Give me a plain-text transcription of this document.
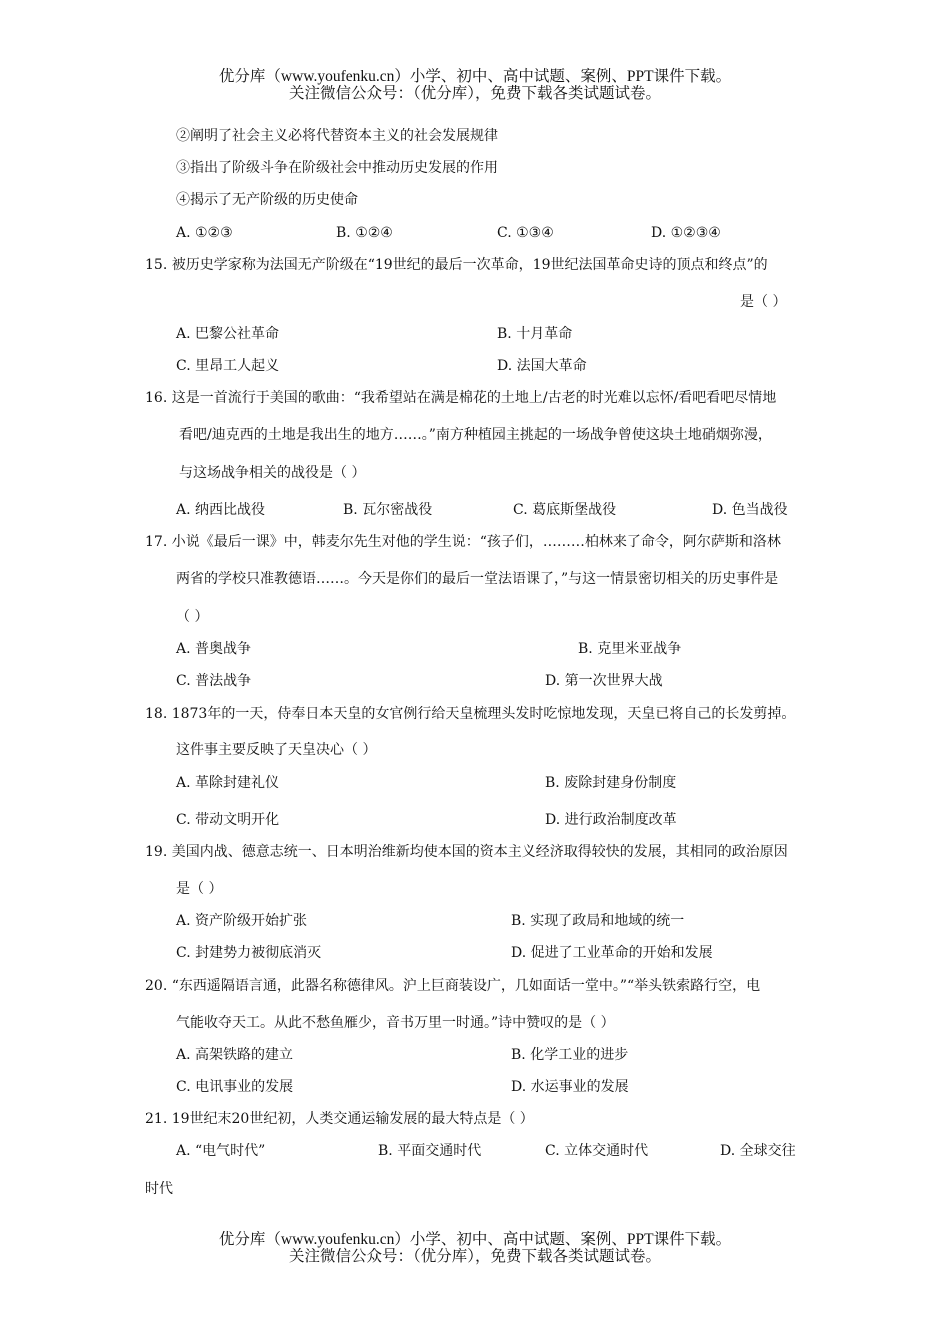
优分库（www.youfenku.cn）小学、初中、高中试题、案例、PPT课件下载。
关注微信公众号：（优分库），免费下载各类试题试卷。
②阐明了社会主义必将代替资本主义的社会发展规律
③指出了阶级斗争在阶级社会中推动历史发展的作用
④揭示了无产阶级的历史使命
A. ①②③	B. ①②④	C. ①③④	D. ①②③④
15. 被历史学家称为法国无产阶级在“19世纪的最后一次革命，19世纪法国革命史诗的顶点和终点”的
是（ ）
A. 巴黎公社革命	B. 十月革命
C. 里昂工人起义	D. 法国大革命
16. 这是一首流行于美国的歌曲：“我希望站在满是棉花的土地上/古老的时光难以忘怀/看吧看吧尽情地
看吧/迪克西的土地是我出生的地方……。”南方种植园主挑起的一场战争曾使这块土地硝烟弥漫，
与这场战争相关的战役是（ ）
A. 纳西比战役	B. 瓦尔密战役	C. 葛底斯堡战役	D. 色当战役
17. 小说《最后一课》中，韩麦尔先生对他的学生说：“孩子们，………柏林来了命令，阿尔萨斯和洛林
两省的学校只准教德语……。今天是你们的最后一堂法语课了，”与这一情景密切相关的历史事件是
（ ）
A. 普奥战争	B. 克里米亚战争
C. 普法战争	D. 第一次世界大战
18. 1873年的一天，侍奉日本天皇的女官例行给天皇梳理头发时吃惊地发现，天皇已将自己的长发剪掉。
这件事主要反映了天皇决心（ ）
A. 革除封建礼仪	B. 废除封建身份制度
C. 带动文明开化	D. 进行政治制度改革
19. 美国内战、德意志统一、日本明治维新均使本国的资本主义经济取得较快的发展，其相同的政治原因
是（ ）
A. 资产阶级开始扩张	B. 实现了政局和地域的统一
C. 封建势力被彻底消灭	D. 促进了工业革命的开始和发展
20. “东西遥隔语言通，此器名称德律风。沪上巨商装设广，几如面话一堂中。”“举头铁索路行空，电
气能收夺天工。从此不愁鱼雁少，音书万里一时通。”诗中赞叹的是（ ）
A. 高架铁路的建立	B. 化学工业的进步
C. 电讯事业的发展	D. 水运事业的发展
21. 19世纪末20世纪初，人类交通运输发展的最大特点是（ ）
A. “电气时代”	B. 平面交通时代	C. 立体交通时代	D. 全球交往
时代
优分库（www.youfenku.cn）小学、初中、高中试题、案例、PPT课件下载。
关注微信公众号：（优分库），免费下载各类试题试卷。
